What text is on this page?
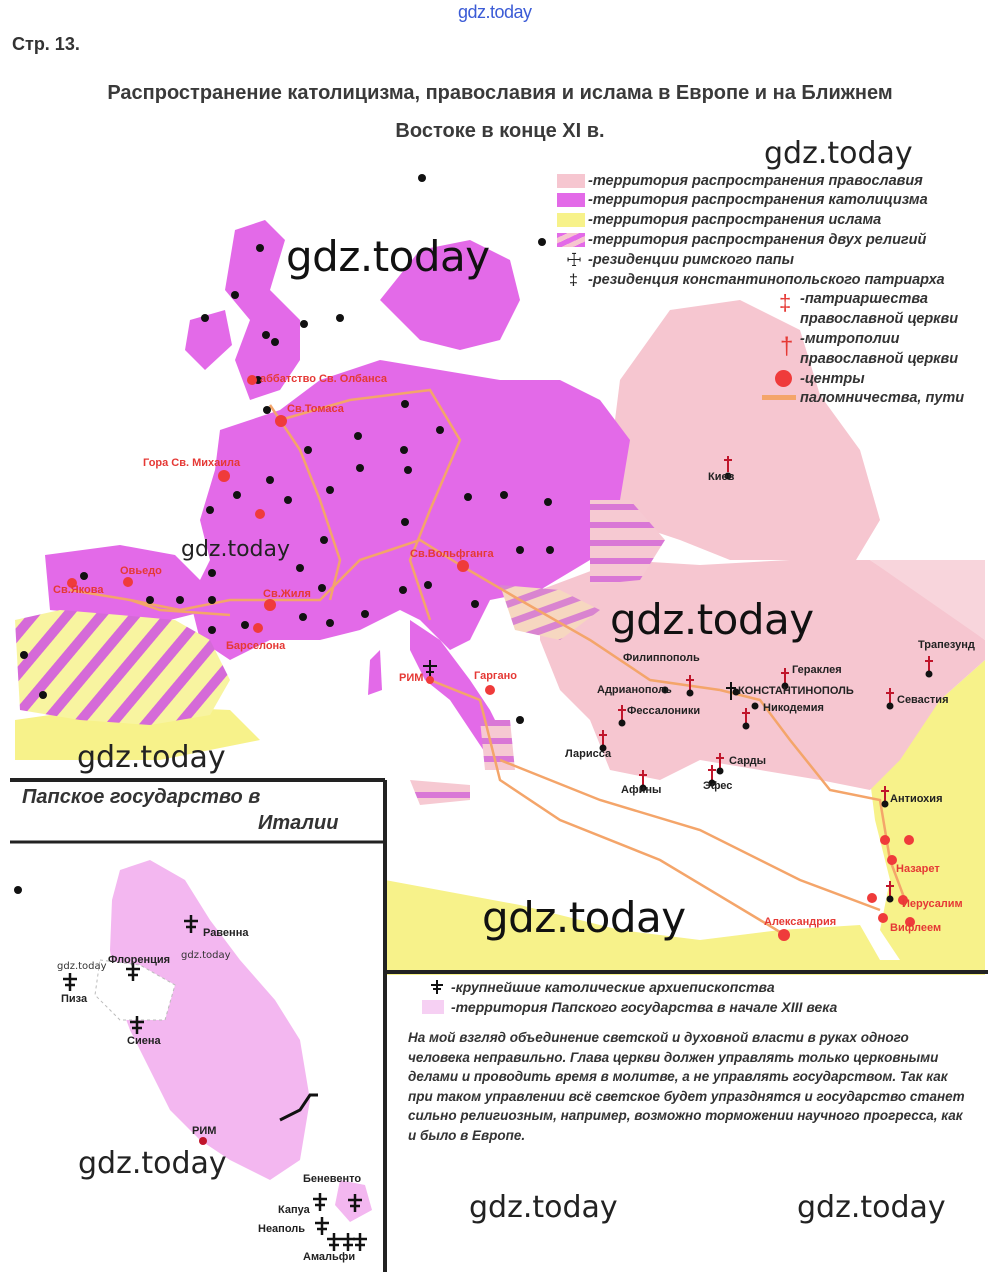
gdz.today
Стр. 13.
Распространение католицизма, православия и ислама в Европе и на Ближнем
Востоке в конце XI в.
-территория распространения православия
-территория распространения католицизма
-территория распространения ислама
-территория распространения двух религий
☩ -резиденции римского папы
‡ -резиденция константинопольского патриарха
‡ -патриаршества
православной церкви
† -митрополии
православной церкви
-центры
паломничества, пути
аббатство Св. Олбанса
Св.Томаса
Гора Св. Михаила
Овьедо
Св.Якова	Св.Жиля
Барселона
Св.Вольфганга
РИМ	Гаргано
Назарет
Иерусалим
Вифлеем
Александрия
Киев
Филиппополь
Адрианополь	КОНСТАНТИНОПОЛЬ
Гераклея
Никодемия
Фессалоники
Ларисса
Афины
Сарды
Эфес
Трапезунд
Севастия
Антиохия
gdz.today
gdz.today
gdz.today
gdz.today
gdz.today
gdz.today
Папское государство в
Италии
Равенна
Флоренция
Пиза
Сиена
РИМ
Беневенто
Капуа
Неаполь
Амальфи
gdz.today
gdz.today
gdz.today
-крупнейшие католические архиепископства
-территория Папского государства в начале XIII века
На мой взгляд объединение светской и духовной власти в руках одного человека неправильно. Глава церкви должен управлять только церковными делами и проводить время в молитве, а не управлять государством. Так как при таком управлении всё светское будет упразднятся и государство станет сильно религиозным, например, возможно торможении научного прогресса, как и было в Европе.
gdz.today	gdz.today
